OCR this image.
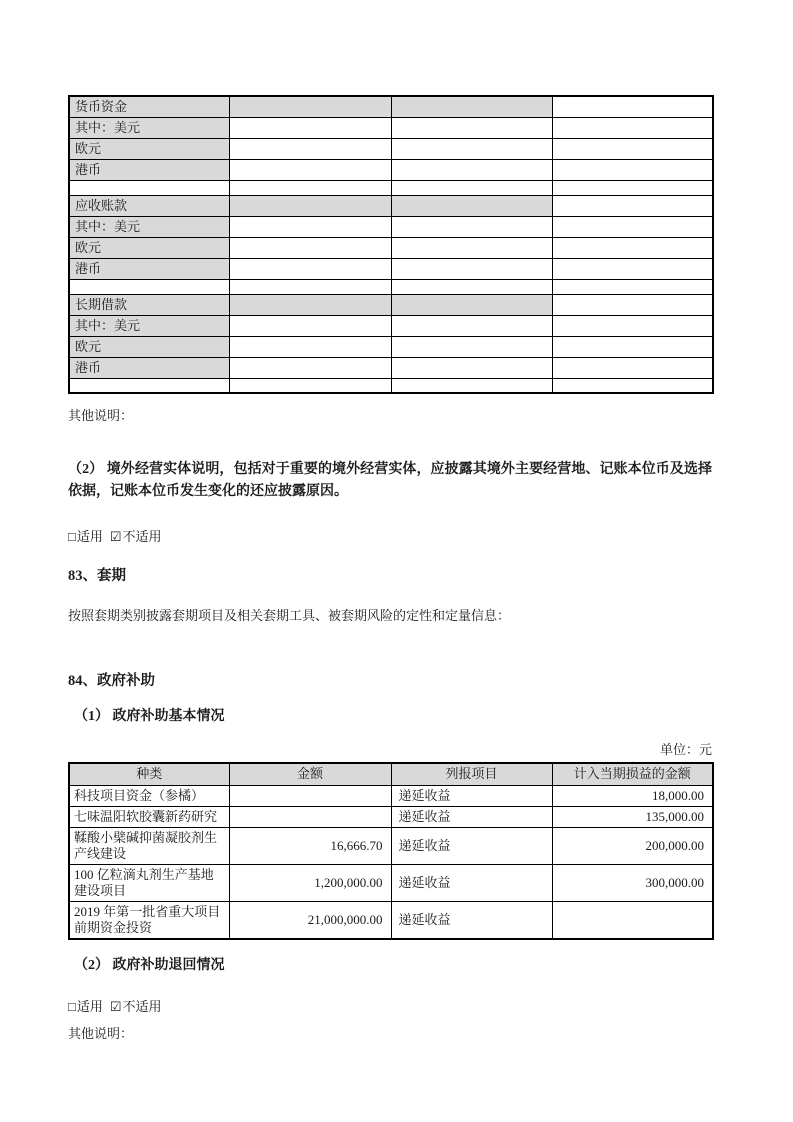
货币资金			
其中：美元			
欧元			
港币			

应收账款			
其中：美元			
欧元			
港币			

长期借款			
其中：美元			
欧元			
港币			

其他说明：

（2） 境外经营实体说明，包括对于重要的境外经营实体，应披露其境外主要经营地、记账本位币及选择依据，记账本位币发生变化的还应披露原因。

□适用 ☑不适用
83、套期

按照套期类别披露套期项目及相关套期工具、被套期风险的定性和定量信息：

84、政府补助
（1） 政府补助基本情况
单位：元
种类	金额	列报项目	计入当期损益的金额
科技项目资金（参橘）		递延收益	18,000.00
七味温阳软胶囊新药研究		递延收益	135,000.00
鞣酸小檗碱抑菌凝胶剂生产线建设	16,666.70	递延收益	200,000.00
100 亿粒滴丸剂生产基地建设项目	1,200,000.00	递延收益	300,000.00
2019 年第一批省重大项目前期资金投资	21,000,000.00	递延收益	
（2） 政府补助退回情况
□适用 ☑不适用

其他说明：
